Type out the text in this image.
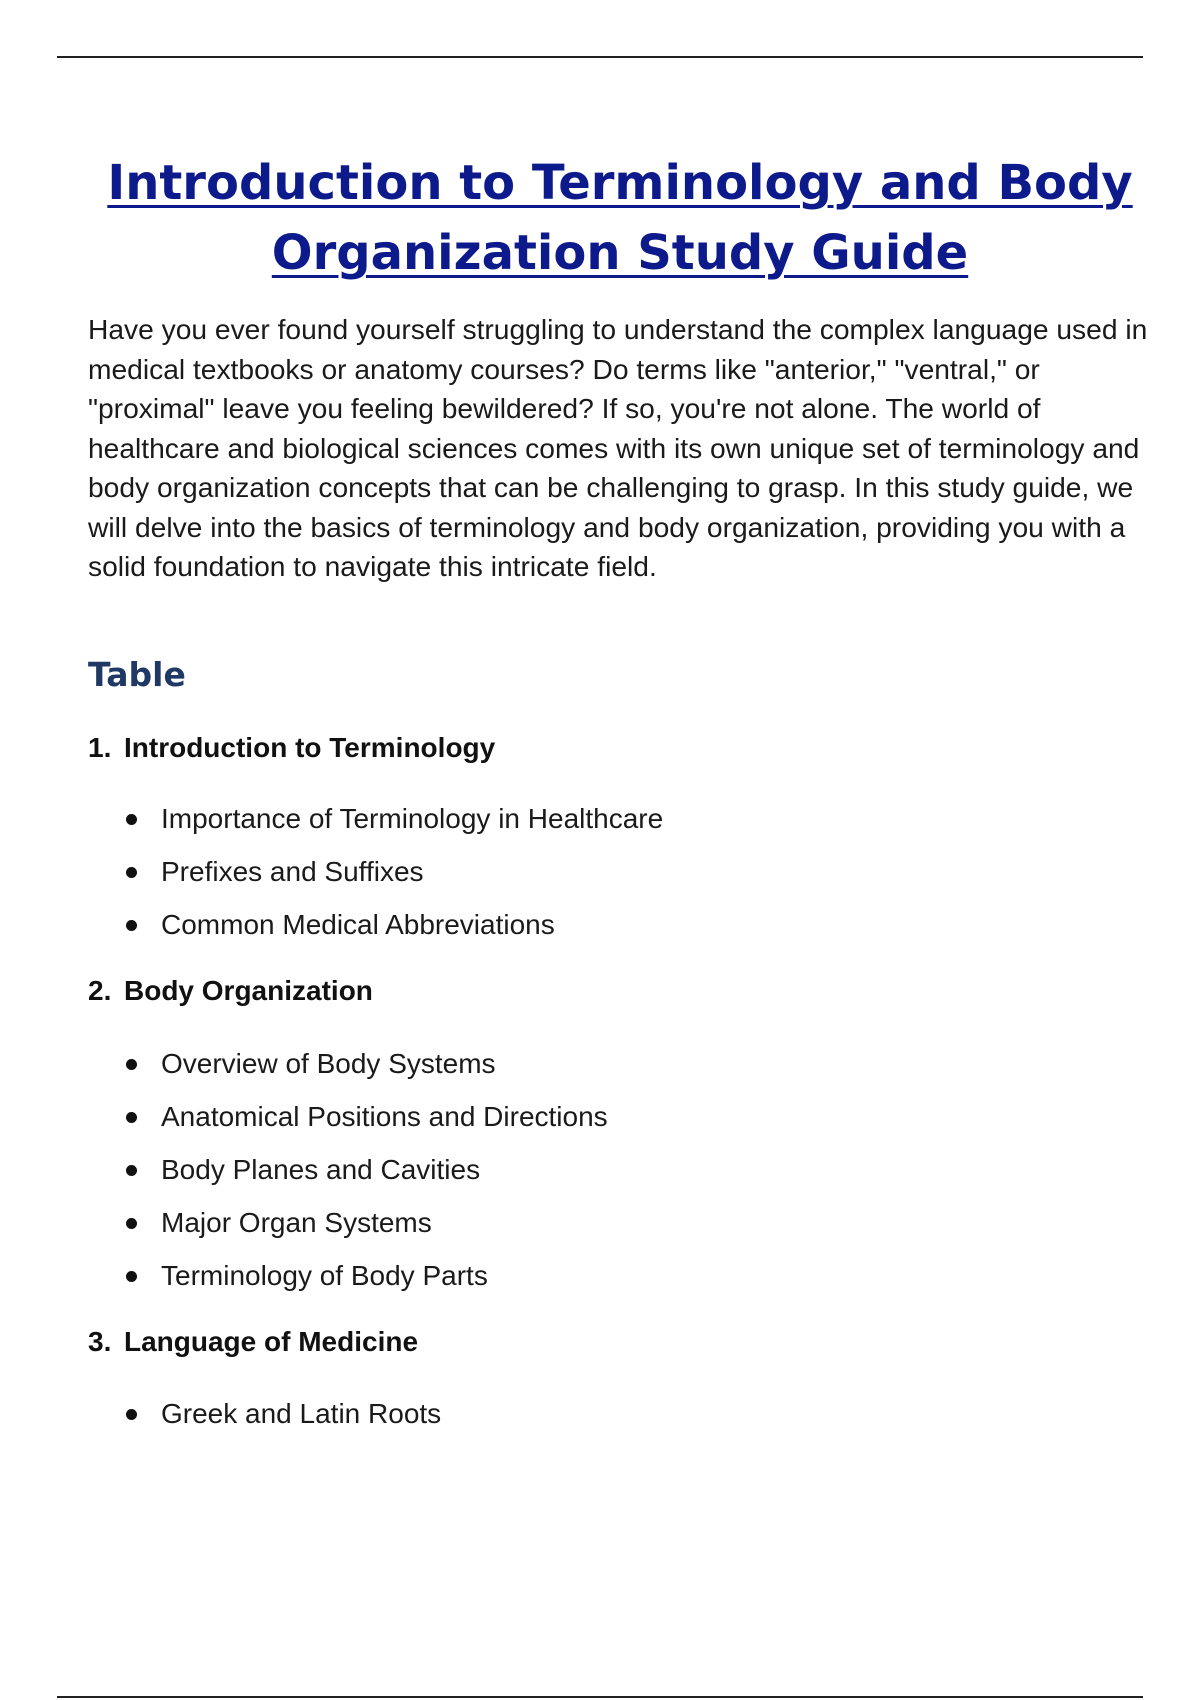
Introduction to Terminology and Body
Organization Study Guide

Have you ever found yourself struggling to understand the complex language used in medical textbooks or anatomy courses? Do terms like "anterior," "ventral," or "proximal" leave you feeling bewildered? If so, you're not alone. The world of healthcare and biological sciences comes with its own unique set of terminology and body organization concepts that can be challenging to grasp. In this study guide, we will delve into the basics of terminology and body organization, providing you with a solid foundation to navigate this intricate field.

Table
1. Introduction to Terminology
Importance of Terminology in Healthcare
Prefixes and Suffixes
Common Medical Abbreviations
2. Body Organization
Overview of Body Systems
Anatomical Positions and Directions
Body Planes and Cavities
Major Organ Systems
Terminology of Body Parts
3. Language of Medicine
Greek and Latin Roots
